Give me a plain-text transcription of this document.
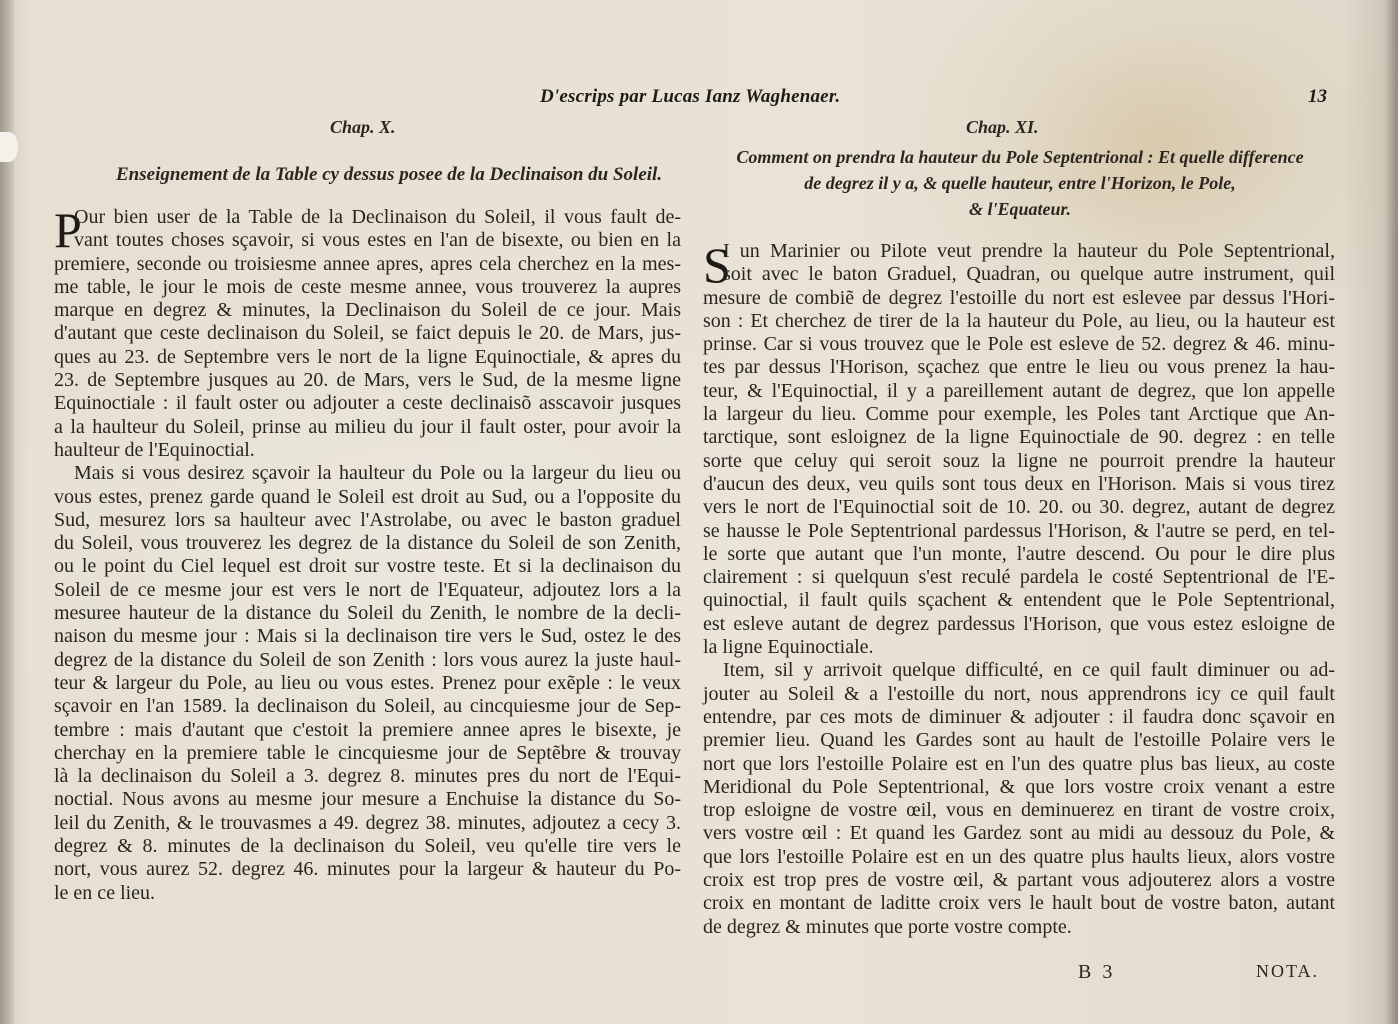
D'escrips par Lucas Ianz Waghenaer.	13
Chap. X.
Enseignement de la Table cy dessus posee de la Declinaison du Soleil.
Chap. XI.
Comment on prendra la hauteur du Pole Septentrional : Et quelle difference
de degrez il y a, & quelle hauteur, entre l'Horizon, le Pole,
& l'Equateur.
P
Our bien user de la Table de la Declinaison du Soleil, il vous fault de-
vant toutes choses sçavoir, si vous estes en l'an de bisexte, ou bien en la
premiere, seconde ou troisiesme annee apres, apres cela cherchez en la mes-
me table, le jour le mois de ceste mesme annee, vous trouverez la aupres
marque en degrez & minutes, la Declinaison du Soleil de ce jour. Mais
d'autant que ceste declinaison du Soleil, se faict depuis le 20. de Mars, jus-
ques au 23. de Septembre vers le nort de la ligne Equinoctiale, & apres du
23. de Septembre jusques au 20. de Mars, vers le Sud, de la mesme ligne
Equinoctiale : il fault oster ou adjouter a ceste declinaisõ asscavoir jusques
a la haulteur du Soleil, prinse au milieu du jour il fault oster, pour avoir la
haulteur de l'Equinoctial.
Mais si vous desirez sçavoir la haulteur du Pole ou la largeur du lieu ou
vous estes, prenez garde quand le Soleil est droit au Sud, ou a l'opposite du
Sud, mesurez lors sa haulteur avec l'Astrolabe, ou avec le baston graduel
du Soleil, vous trouverez les degrez de la distance du Soleil de son Zenith,
ou le point du Ciel lequel est droit sur vostre teste. Et si la declinaison du
Soleil de ce mesme jour est vers le nort de l'Equateur, adjoutez lors a la
mesuree hauteur de la distance du Soleil du Zenith, le nombre de la decli-
naison du mesme jour : Mais si la declinaison tire vers le Sud, ostez le des
degrez de la distance du Soleil de son Zenith : lors vous aurez la juste haul-
teur & largeur du Pole, au lieu ou vous estes. Prenez pour exẽple : le veux
sçavoir en l'an 1589. la declinaison du Soleil, au cincquiesme jour de Sep-
tembre : mais d'autant que c'estoit la premiere annee apres le bisexte, je
cherchay en la premiere table le cincquiesme jour de Septẽbre & trouvay
là la declinaison du Soleil a 3. degrez 8. minutes pres du nort de l'Equi-
noctial. Nous avons au mesme jour mesure a Enchuise la distance du So-
leil du Zenith, & le trouvasmes a 49. degrez 38. minutes, adjoutez a cecy 3.
degrez & 8. minutes de la declinaison du Soleil, veu qu'elle tire vers le
nort, vous aurez 52. degrez 46. minutes pour la largeur & hauteur du Po-
le en ce lieu.
S
I un Marinier ou Pilote veut prendre la hauteur du Pole Septentrional,
soit avec le baton Graduel, Quadran, ou quelque autre instrument, quil
mesure de combiẽ de degrez l'estoille du nort est eslevee par dessus l'Hori-
son : Et cherchez de tirer de la la hauteur du Pole, au lieu, ou la hauteur est
prinse. Car si vous trouvez que le Pole est esleve de 52. degrez & 46. minu-
tes par dessus l'Horison, sçachez que entre le lieu ou vous prenez la hau-
teur, & l'Equinoctial, il y a pareillement autant de degrez, que lon appelle
la largeur du lieu. Comme pour exemple, les Poles tant Arctique que An-
tarctique, sont esloignez de la ligne Equinoctiale de 90. degrez : en telle
sorte que celuy qui seroit souz la ligne ne pourroit prendre la hauteur
d'aucun des deux, veu quils sont tous deux en l'Horison. Mais si vous tirez
vers le nort de l'Equinoctial soit de 10. 20. ou 30. degrez, autant de degrez
se hausse le Pole Septentrional pardessus l'Horison, & l'autre se perd, en tel-
le sorte que autant que l'un monte, l'autre descend. Ou pour le dire plus
clairement : si quelquun s'est reculé pardela le costé Septentrional de l'E-
quinoctial, il fault quils sçachent & entendent que le Pole Septentrional,
est esleve autant de degrez pardessus l'Horison, que vous estez esloigne de
la ligne Equinoctiale.
Item, sil y arrivoit quelque difficulté, en ce quil fault diminuer ou ad-
jouter au Soleil & a l'estoille du nort, nous apprendrons icy ce quil fault
entendre, par ces mots de diminuer & adjouter : il faudra donc sçavoir en
premier lieu. Quand les Gardes sont au hault de l'estoille Polaire vers le
nort que lors l'estoille Polaire est en l'un des quatre plus bas lieux, au coste
Meridional du Pole Septentrional, & que lors vostre croix venant a estre
trop esloigne de vostre œil, vous en deminuerez en tirant de vostre croix,
vers vostre œil : Et quand les Gardez sont au midi au dessouz du Pole, &
que lors l'estoille Polaire est en un des quatre plus haults lieux, alors vostre
croix est trop pres de vostre œil, & partant vous adjouterez alors a vostre
croix en montant de laditte croix vers le hault bout de vostre baton, autant
de degrez & minutes que porte vostre compte.
B 3	NOTA.
